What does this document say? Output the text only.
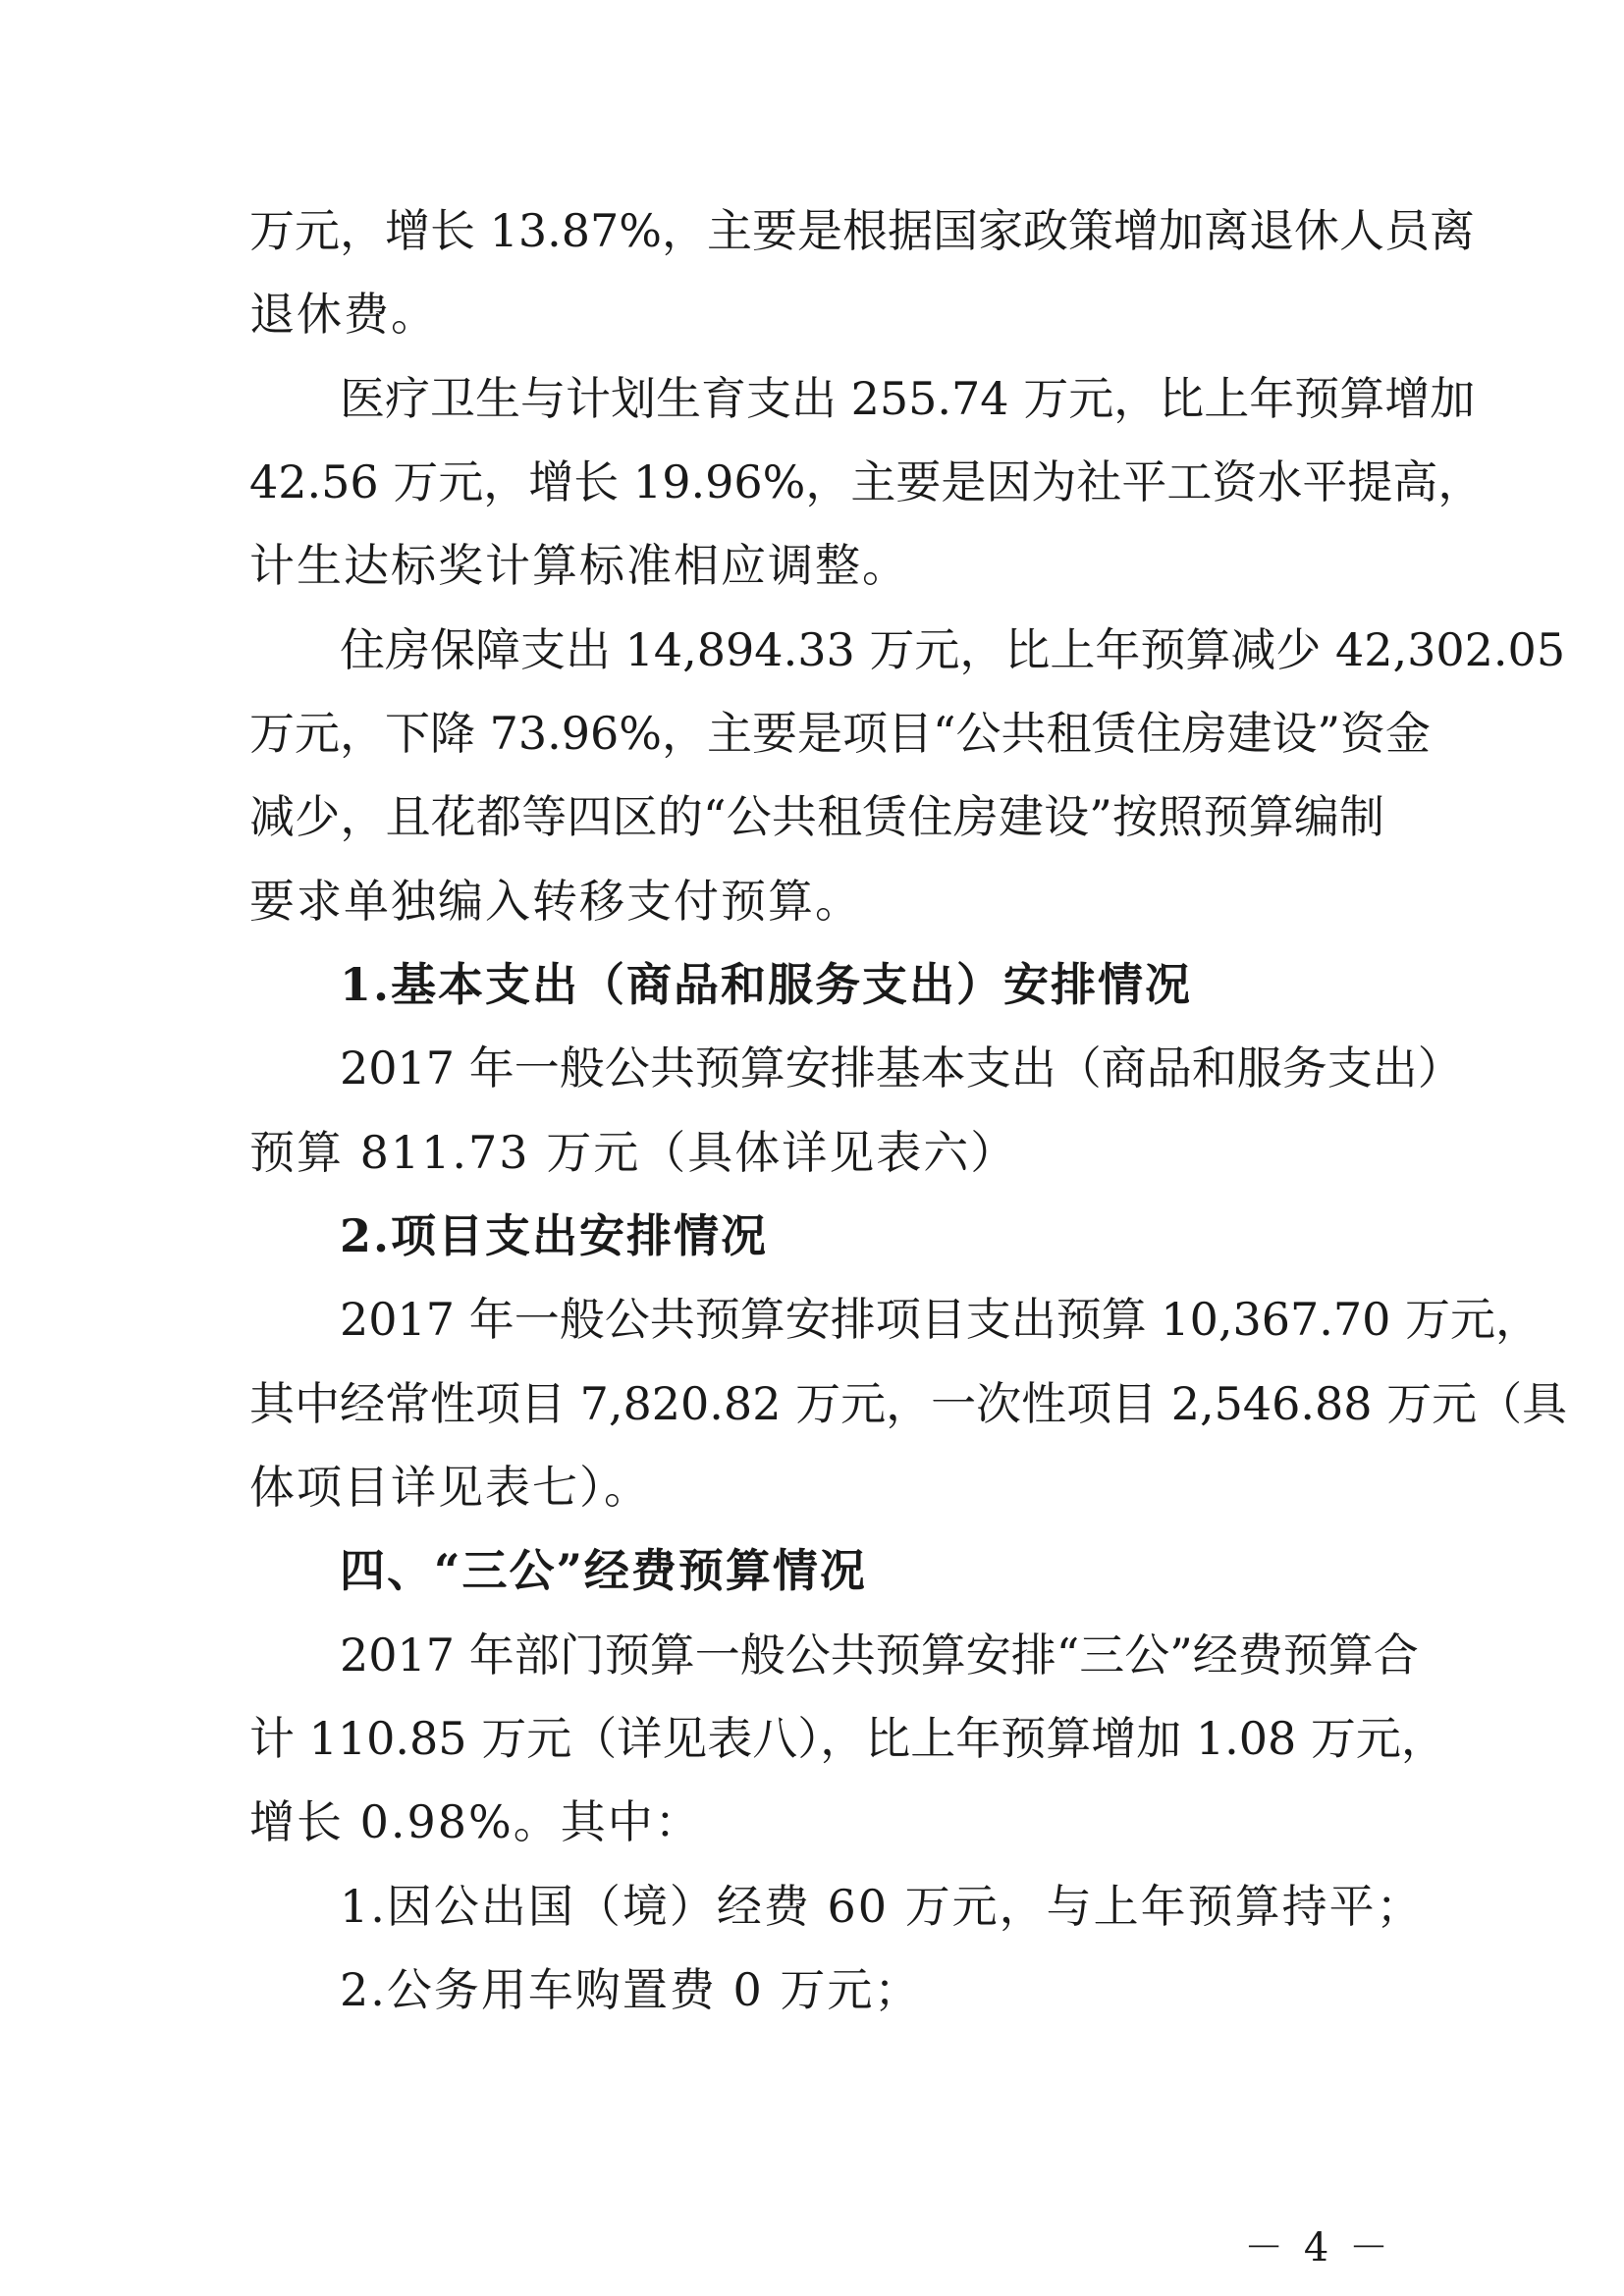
万元，增长 13.87%，主要是根据国家政策增加离退休人员离
退休费。
医疗卫生与计划生育支出 255.74 万元，比上年预算增加
42.56 万元，增长 19.96%，主要是因为社平工资水平提高，
计生达标奖计算标准相应调整。
住房保障支出 14,894.33 万元，比上年预算减少 42,302.05
万元，下降 73.96%，主要是项目“公共租赁住房建设”资金
减少，且花都等四区的“公共租赁住房建设”按照预算编制
要求单独编入转移支付预算。
1.基本支出（商品和服务支出）安排情况
2017 年一般公共预算安排基本支出（商品和服务支出）
预算 811.73 万元（具体详见表六）
2.项目支出安排情况
2017 年一般公共预算安排项目支出预算 10,367.70 万元，
其中经常性项目 7,820.82 万元，一次性项目 2,546.88 万元（具
体项目详见表七）。
四、“三公”经费预算情况
2017 年部门预算一般公共预算安排“三公”经费预算合
计 110.85 万元（详见表八），比上年预算增加 1.08 万元，
增长 0.98%。其中：
1.因公出国（境）经费 60 万元，与上年预算持平；
2.公务用车购置费 0 万元；
－ 4 －
